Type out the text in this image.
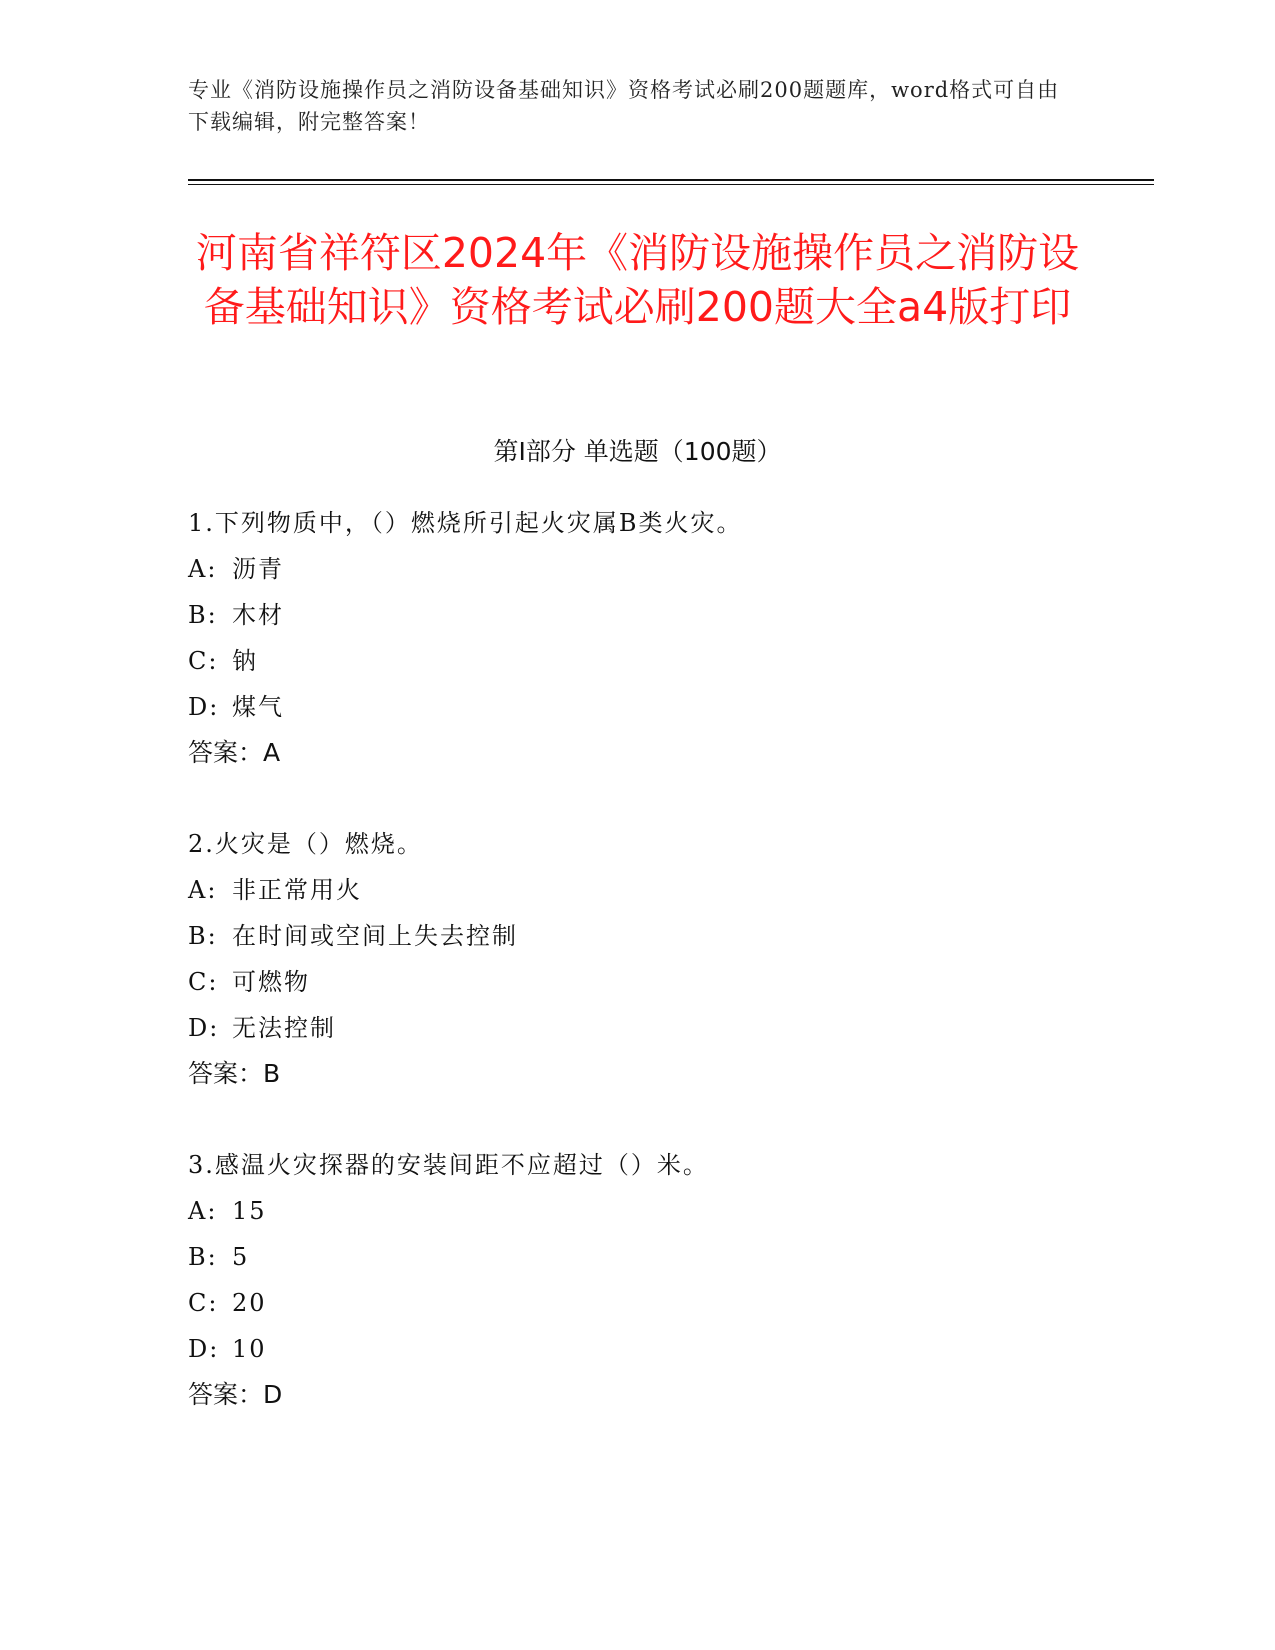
专业《消防设施操作员之消防设备基础知识》资格考试必刷200题题库，word格式可自由下载编辑，附完整答案！
河南省祥符区2024年《消防设施操作员之消防设备基础知识》资格考试必刷200题大全a4版打印
第Ⅰ部分 单选题（100题）
1.下列物质中，（）燃烧所引起火灾属B类火灾。
A: 沥青
B: 木材
C: 钠
D: 煤气
答案：A
2.火灾是（）燃烧。
A: 非正常用火
B: 在时间或空间上失去控制
C: 可燃物
D: 无法控制
答案：B
3.感温火灾探器的安装间距不应超过（）米。
A: 15
B: 5
C: 20
D: 10
答案：D
